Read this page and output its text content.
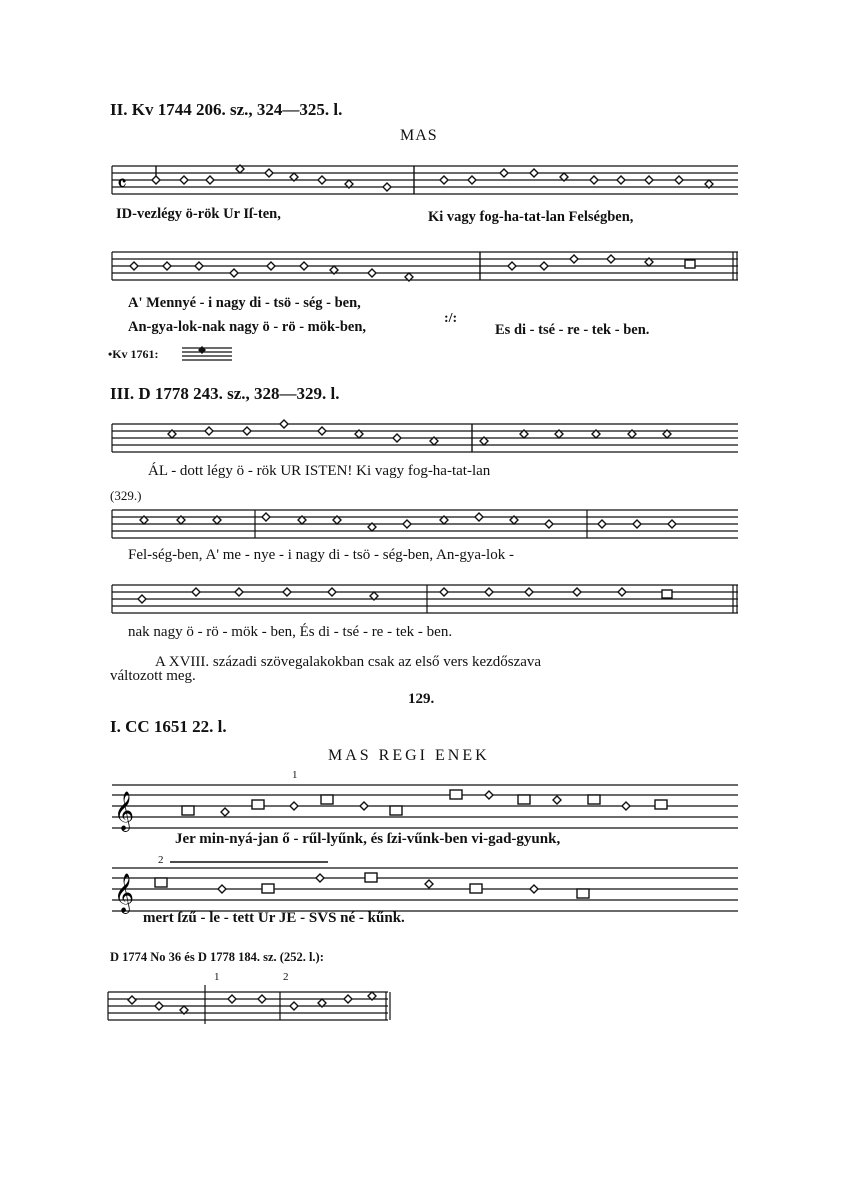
II. Kv 1744 206. sz., 324—325. l.
MAS
𝄴
𝄞
𝄞
ID-vezlégy ö-rök Ur Iſ-ten,	Ki vagy fog-ha-tat-lan Felségben,
A' Mennyé - i nagy di - tsö - ség - ben,
An-gya-lok-nak nagy ö - rö - mök-ben,
:/:
Es di - tsé - re - tek - ben.
•Kv 1761:
III. D 1778 243. sz., 328—329. l.
ÁL - dott légy ö - rök UR ISTEN! Ki vagy fog-ha-tat-lan
(329.)
Fel-ség-ben, A' me - nye - i nagy di - tsö - ség-ben, An-gya-lok -
nak nagy ö - rö - mök - ben, És di - tsé - re - tek - ben.
A XVIII. századi szövegalakokban csak az első vers kezdőszava
változott meg.
129.
I. CC 1651 22. l.
MAS REGI ENEK
1
2
Jer min-nyá-jan ő - rűl-lyűnk, és ſzi-vűnk-ben vi-gad-gyunk,
mert ſzű - le - tett Ur JE - SVS né - kűnk.
D 1774 No 36 és D 1778 184. sz. (252. l.):
1	2
